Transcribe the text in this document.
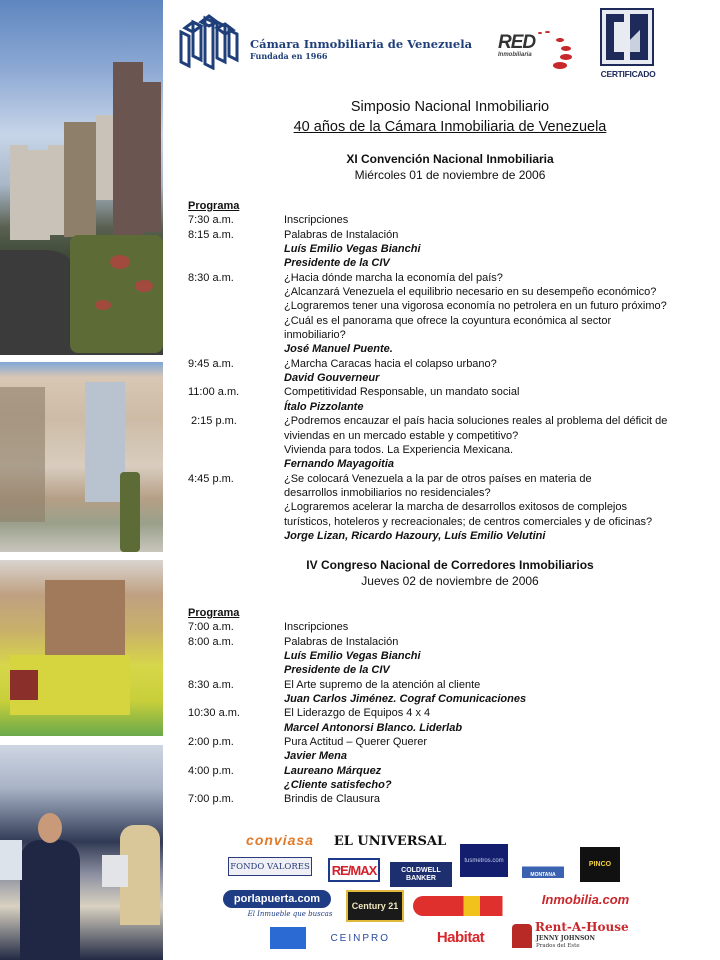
Cámara Inmobiliaria de Venezuela
Fundada en 1966
RED
Inmobiliaria
CERTIFICADO
Simposio Nacional Inmobiliario
40 años de la Cámara Inmobiliaria de Venezuela
XI Convención Nacional Inmobiliaria
Miércoles 01 de noviembre de 2006
Programa
7:30 a.m.	Inscripciones
8:15 a.m.	Palabras de Instalación
Luís Emilio Vegas Bianchi
Presidente de la CIV
8:30 a.m.	¿Hacia dónde marcha la economía del país?
¿Alcanzará Venezuela el equilibrio necesario en su desempeño económico?
¿Lograremos tener una vigorosa economía no petrolera en un futuro próximo?
¿Cuál es el panorama que ofrece la coyuntura económica al sector
inmobiliario?
José Manuel Puente.
9:45 a.m.	¿Marcha Caracas hacia el colapso urbano?
David Gouverneur
11:00 a.m.	Competitividad Responsable, un mandato social
Ítalo Pizzolante
2:15 p.m.	¿Podremos encauzar el país hacia soluciones reales al problema del déficit de
viviendas en un mercado estable y competitivo?
Vivienda para todos. La Experiencia Mexicana.
Fernando Mayagoitia
4:45 p.m.	¿Se colocará Venezuela a la par de otros países en materia de
desarrollos inmobiliarios no residenciales?
¿Lograremos acelerar la marcha de desarrollos exitosos de complejos
turísticos, hoteleros y recreacionales; de centros comerciales y de oficinas?
Jorge Lizan, Ricardo Hazoury, Luís Emilio Velutini
IV Congreso Nacional de Corredores Inmobiliarios
Jueves 02 de noviembre de 2006
Programa
7:00 a.m.	Inscripciones
8:00 a.m.	Palabras de Instalación
Luís Emilio Vegas Bianchi
Presidente de la CIV
8:30 a.m.	El Arte supremo de la atención al cliente
Juan Carlos Jiménez. Cograf Comunicaciones
10:30 a.m.	El Liderazgo de Equipos 4 x 4
Marcel Antonorsi Blanco. Liderlab
2:00 p.m.	Pura Actitud – Querer Querer
Javier Mena
4:00 p.m.	Laureano Márquez
¿Cliente satisfecho?
7:00 p.m.	Brindis de Clausura
conviasa	EL UNIVERSAL
FONDO VALORES RE/MAX	COLDWELL BANKER
tusmetros.com
MONTANA
PINCO
porlapuerta.com
El Inmueble que buscas
Century 21	Inmobilia.com
CEINPRO	Habitat
Rent-A-House
JENNY JOHNSON
Prados del Este
